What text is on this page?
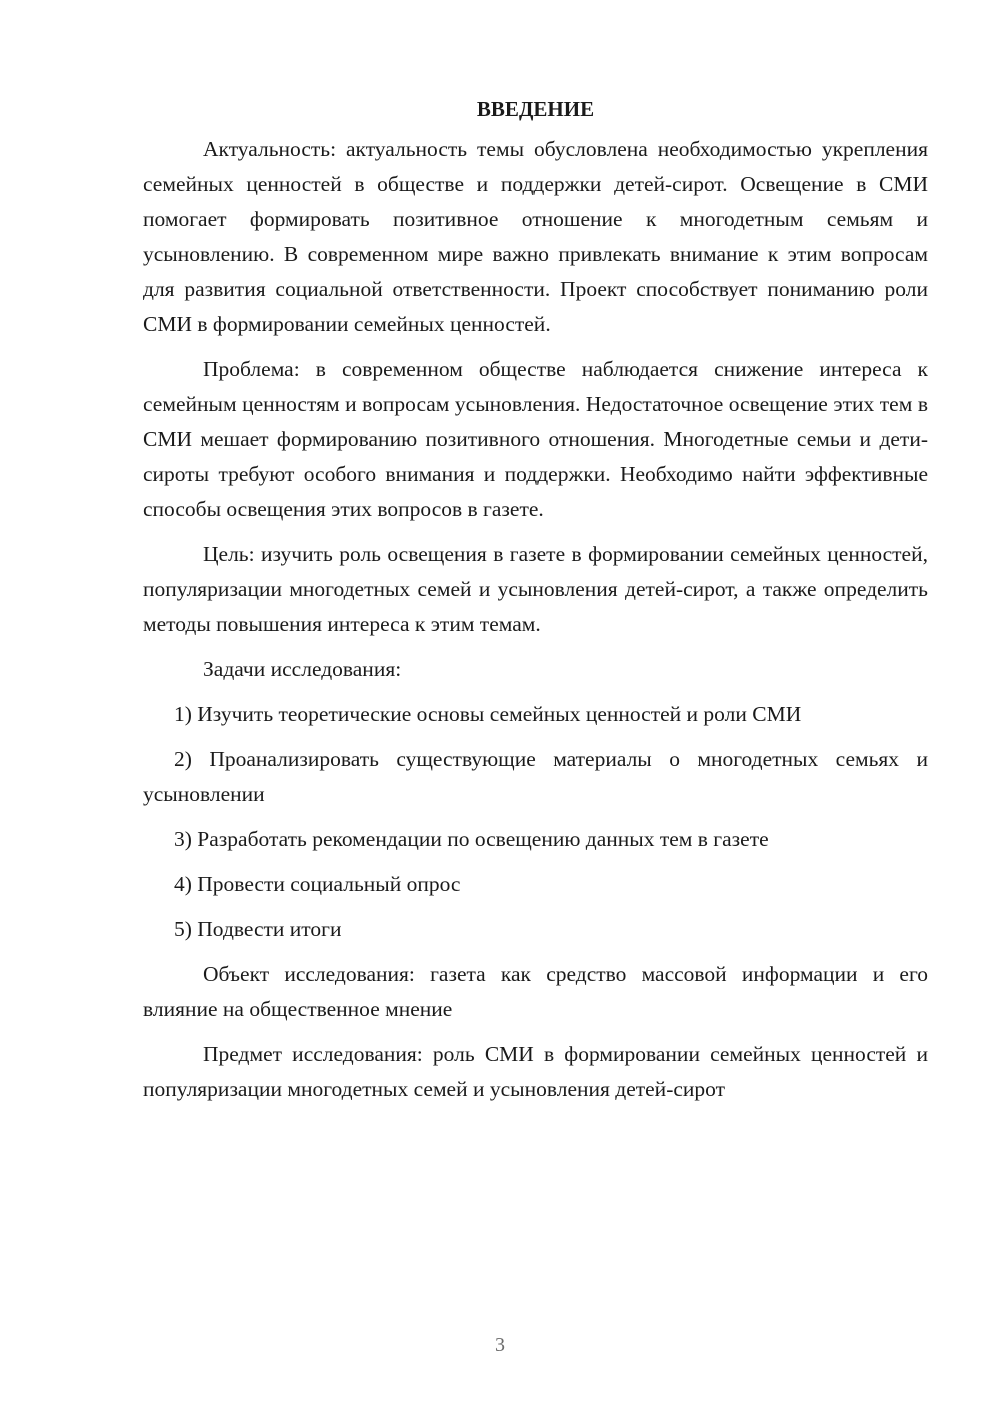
ВВЕДЕНИЕ

Актуальность: актуальность темы обусловлена необходимостью укрепления семейных ценностей в обществе и поддержки детей-сирот. Освещение в СМИ помогает формировать позитивное отношение к многодетным семьям и усыновлению. В современном мире важно привлекать внимание к этим вопросам для развития социальной ответственности. Проект способствует пониманию роли СМИ в формировании семейных ценностей.

Проблема: в современном обществе наблюдается снижение интереса к семейным ценностям и вопросам усыновления. Недостаточное освещение этих тем в СМИ мешает формированию позитивного отношения. Многодетные семьи и дети-сироты требуют особого внимания и поддержки. Необходимо найти эффективные способы освещения этих вопросов в газете.

Цель: изучить роль освещения в газете в формировании семейных ценностей, популяризации многодетных семей и усыновления детей-сирот, а также определить методы повышения интереса к этим темам.

Задачи исследования:

1) Изучить теоретические основы семейных ценностей и роли СМИ

2) Проанализировать существующие материалы о многодетных семьях и усыновлении

3) Разработать рекомендации по освещению данных тем в газете

4) Провести социальный опрос

5) Подвести итоги

Объект исследования: газета как средство массовой информации и его влияние на общественное мнение

Предмет исследования: роль СМИ в формировании семейных ценностей и популяризации многодетных семей и усыновления детей-сирот

3
